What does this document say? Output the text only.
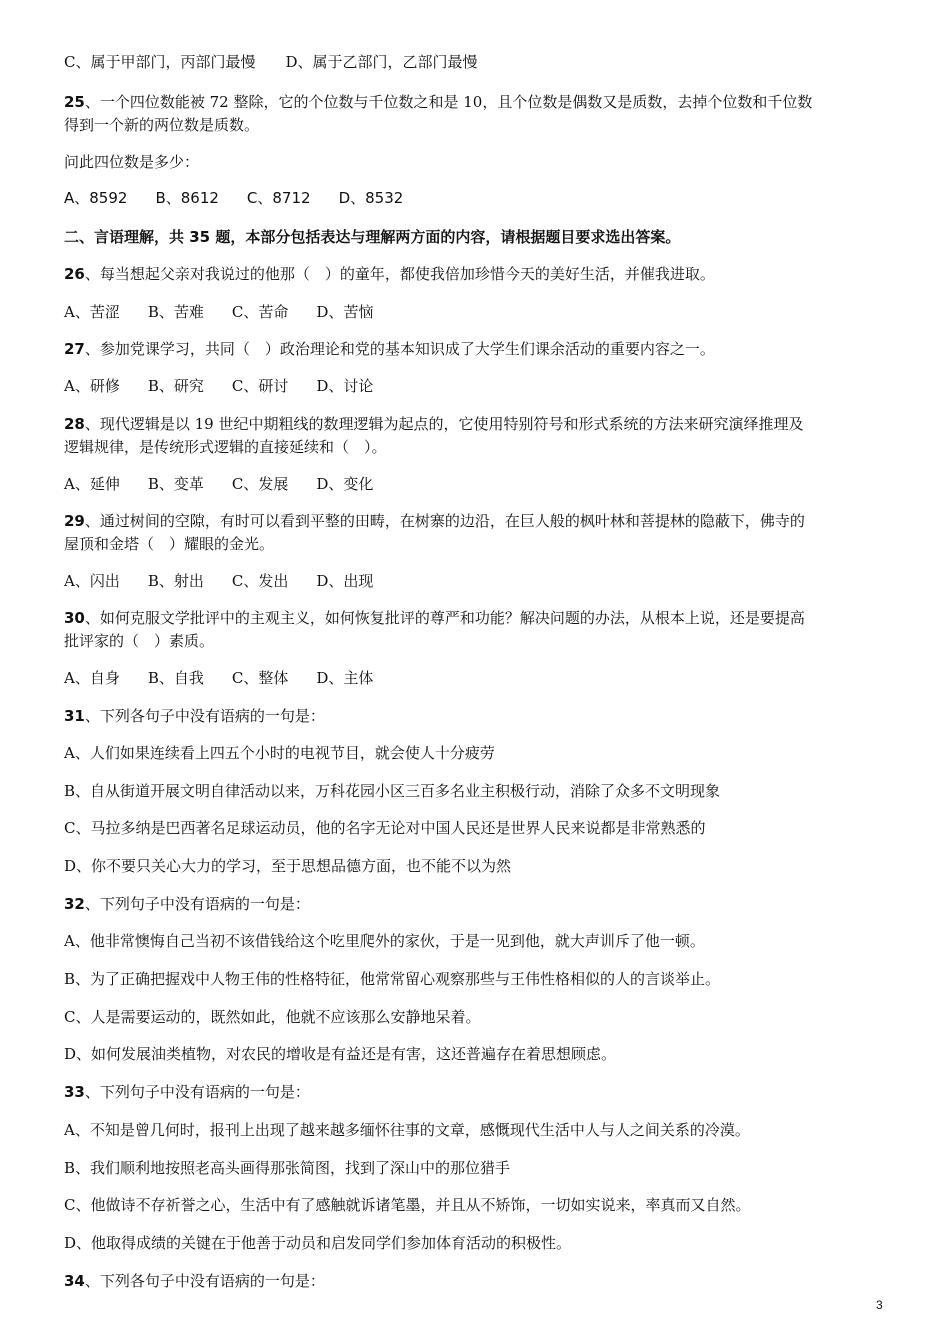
C、属于甲部门，丙部门最慢　　D、属于乙部门，乙部门最慢
25、一个四位数能被 72 整除，它的个位数与千位数之和是 10，且个位数是偶数又是质数，去掉个位数和千位数
得到一个新的两位数是质数。
问此四位数是多少：
A、8592 B、8612 C、8712 D、8532
二、言语理解，共 35 题，本部分包括表达与理解两方面的内容，请根据题目要求选出答案。
26、每当想起父亲对我说过的他那（　）的童年，都使我倍加珍惜今天的美好生活，并催我进取。
A、苦涩 B、苦难 C、苦命 D、苦恼
27、参加党课学习，共同（　）政治理论和党的基本知识成了大学生们课余活动的重要内容之一。
A、研修 B、研究 C、研讨 D、讨论
28、现代逻辑是以 19 世纪中期粗线的数理逻辑为起点的，它使用特别符号和形式系统的方法来研究演绎推理及
逻辑规律，是传统形式逻辑的直接延续和（　）。
A、延伸 B、变革 C、发展 D、变化
29、通过树间的空隙，有时可以看到平整的田畴，在树寨的边沿，在巨人般的枫叶林和菩提林的隐蔽下，佛寺的
屋顶和金塔（　）耀眼的金光。
A、闪出 B、射出 C、发出 D、出现
30、如何克服文学批评中的主观主义，如何恢复批评的尊严和功能？解决问题的办法，从根本上说，还是要提高
批评家的（　）素质。
A、自身 B、自我 C、整体 D、主体
31、下列各句子中没有语病的一句是：
A、人们如果连续看上四五个小时的电视节目，就会使人十分疲劳
B、自从街道开展文明自律活动以来，万科花园小区三百多名业主积极行动，消除了众多不文明现象
C、马拉多纳是巴西著名足球运动员，他的名字无论对中国人民还是世界人民来说都是非常熟悉的
D、你不要只关心大力的学习，至于思想品德方面，也不能不以为然
32、下列句子中没有语病的一句是：
A、他非常懊悔自己当初不该借钱给这个吃里爬外的家伙，于是一见到他，就大声训斥了他一顿。
B、为了正确把握戏中人物王伟的性格特征，他常常留心观察那些与王伟性格相似的人的言谈举止。
C、人是需要运动的，既然如此，他就不应该那么安静地呆着。
D、如何发展油类植物，对农民的增收是有益还是有害，这还普遍存在着思想顾虑。
33、下列句子中没有语病的一句是：
A、不知是曾几何时，报刊上出现了越来越多缅怀往事的文章，感慨现代生活中人与人之间关系的冷漠。
B、我们顺利地按照老高头画得那张简图，找到了深山中的那位猎手
C、他做诗不存祈誉之心，生活中有了感触就诉诸笔墨，并且从不矫饰，一切如实说来，率真而又自然。
D、他取得成绩的关键在于他善于动员和启发同学们参加体育活动的积极性。
34、下列各句子中没有语病的一句是：
3
